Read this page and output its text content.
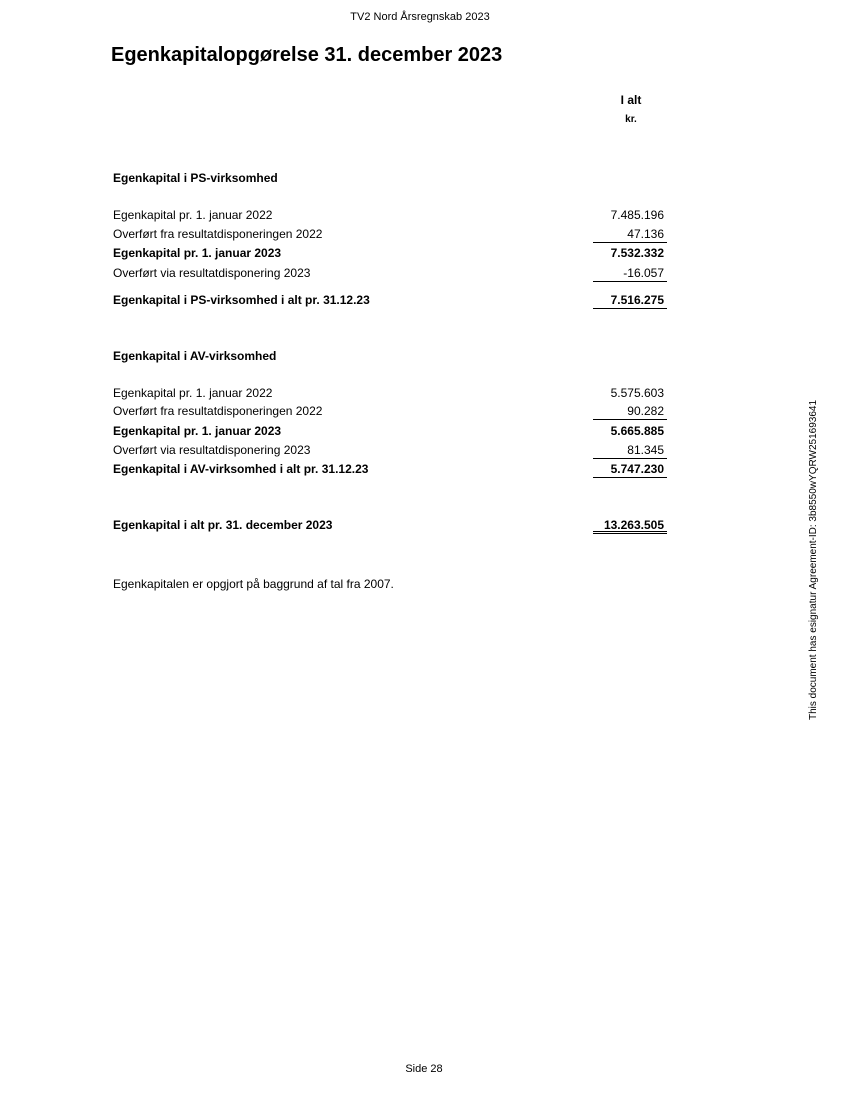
TV2 Nord Årsregnskab 2023
Egenkapitalopgørelse 31. december 2023
I alt
kr.
Egenkapital i PS-virksomhed
Egenkapital pr. 1. januar 2022	7.485.196
Overført fra resultatdisponeringen 2022	47.136
Egenkapital pr. 1. januar 2023	7.532.332
Overført via resultatdisponering 2023	-16.057
Egenkapital i PS-virksomhed i alt pr. 31.12.23	7.516.275
Egenkapital i AV-virksomhed
Egenkapital pr. 1. januar 2022	5.575.603
Overført fra resultatdisponeringen 2022	90.282
Egenkapital pr. 1. januar 2023	5.665.885
Overført via resultatdisponering 2023	81.345
Egenkapital i AV-virksomhed i alt pr. 31.12.23	5.747.230
Egenkapital i alt pr. 31. december 2023	13.263.505
Egenkapitalen er opgjort på baggrund af tal fra 2007.	This document has esignatur Agreement-ID: 3b8550wYQRW251693641
Side 28
